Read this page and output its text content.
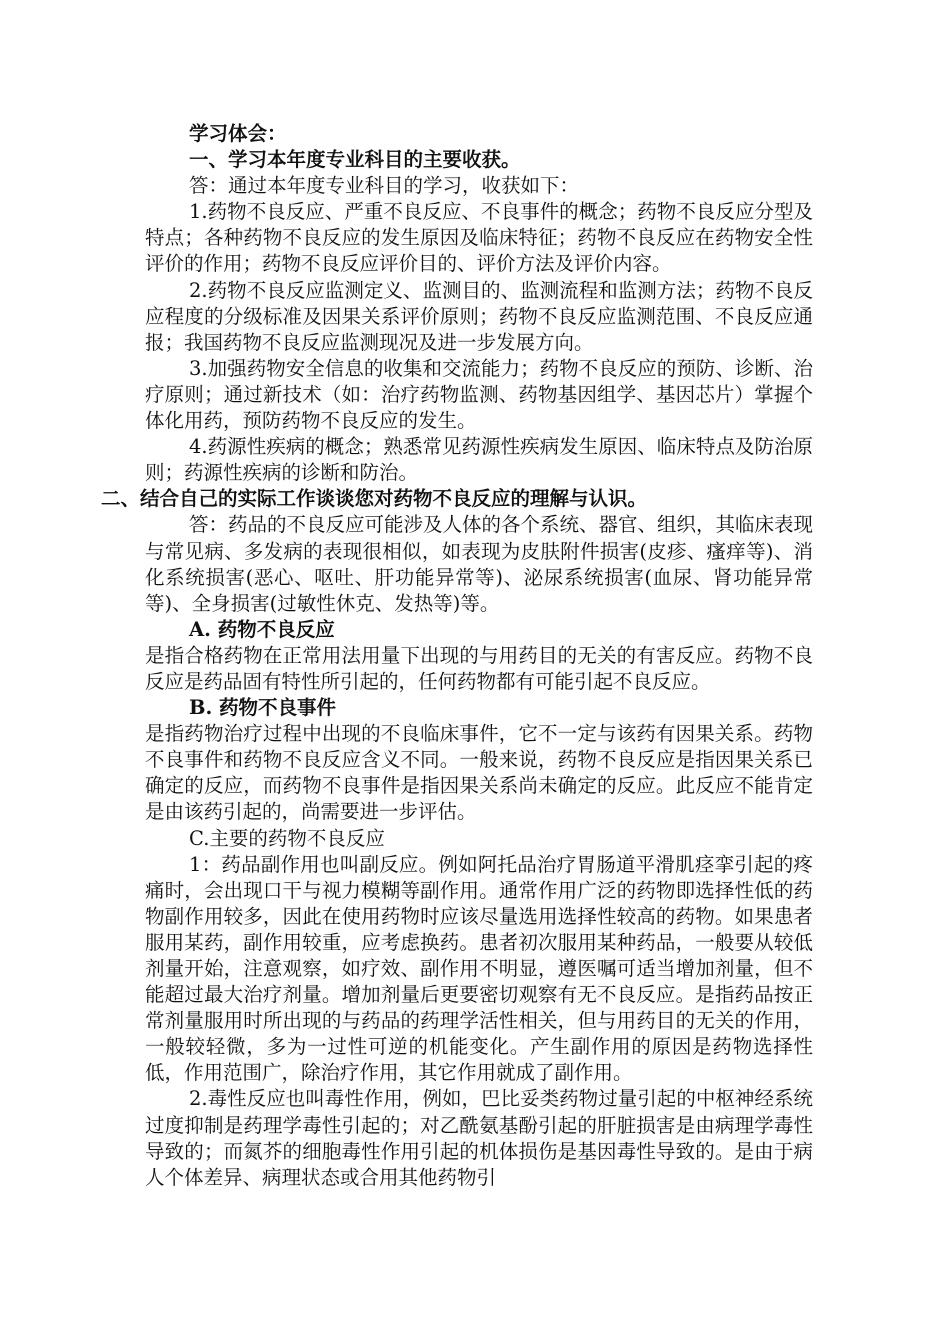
学习体会：

一、学习本年度专业科目的主要收获。

答：通过本年度专业科目的学习，收获如下：

1.药物不良反应、严重不良反应、不良事件的概念；药物不良反应分型及特点；各种药物不良反应的发生原因及临床特征；药物不良反应在药物安全性评价的作用；药物不良反应评价目的、评价方法及评价内容。

2.药物不良反应监测定义、监测目的、监测流程和监测方法；药物不良反应程度的分级标准及因果关系评价原则；药物不良反应监测范围、不良反应通报；我国药物不良反应监测现况及进一步发展方向。

3.加强药物安全信息的收集和交流能力；药物不良反应的预防、诊断、治疗原则；通过新技术（如：治疗药物监测、药物基因组学、基因芯片）掌握个体化用药，预防药物不良反应的发生。

4.药源性疾病的概念；熟悉常见药源性疾病发生原因、临床特点及防治原则；药源性疾病的诊断和防治。

二、结合自己的实际工作谈谈您对药物不良反应的理解与认识。

答：药品的不良反应可能涉及人体的各个系统、器官、组织，其临床表现与常见病、多发病的表现很相似，如表现为皮肤附件损害(皮疹、瘙痒等)、消化系统损害(恶心、呕吐、肝功能异常等)、泌尿系统损害(血尿、肾功能异常等)、全身损害(过敏性休克、发热等)等。

A. 药物不良反应

是指合格药物在正常用法用量下出现的与用药目的无关的有害反应。药物不良反应是药品固有特性所引起的，任何药物都有可能引起不良反应。

B. 药物不良事件

是指药物治疗过程中出现的不良临床事件，它不一定与该药有因果关系。药物不良事件和药物不良反应含义不同。一般来说，药物不良反应是指因果关系已确定的反应，而药物不良事件是指因果关系尚未确定的反应。此反应不能肯定是由该药引起的，尚需要进一步评估。

C.主要的药物不良反应

1：药品副作用也叫副反应。例如阿托品治疗胃肠道平滑肌痉挛引起的疼痛时，会出现口干与视力模糊等副作用。通常作用广泛的药物即选择性低的药物副作用较多，因此在使用药物时应该尽量选用选择性较高的药物。如果患者服用某药，副作用较重，应考虑换药。患者初次服用某种药品，一般要从较低剂量开始，注意观察，如疗效、副作用不明显，遵医嘱可适当增加剂量，但不能超过最大治疗剂量。增加剂量后更要密切观察有无不良反应。是指药品按正常剂量服用时所出现的与药品的药理学活性相关，但与用药目的无关的作用，一般较轻微，多为一过性可逆的机能变化。产生副作用的原因是药物选择性低，作用范围广，除治疗作用，其它作用就成了副作用。

2.毒性反应也叫毒性作用，例如，巴比妥类药物过量引起的中枢神经系统过度抑制是药理学毒性引起的；对乙酰氨基酚引起的肝脏损害是由病理学毒性导致的；而氮芥的细胞毒性作用引起的机体损伤是基因毒性导致的。是由于病人个体差异、病理状态或合用其他药物引
